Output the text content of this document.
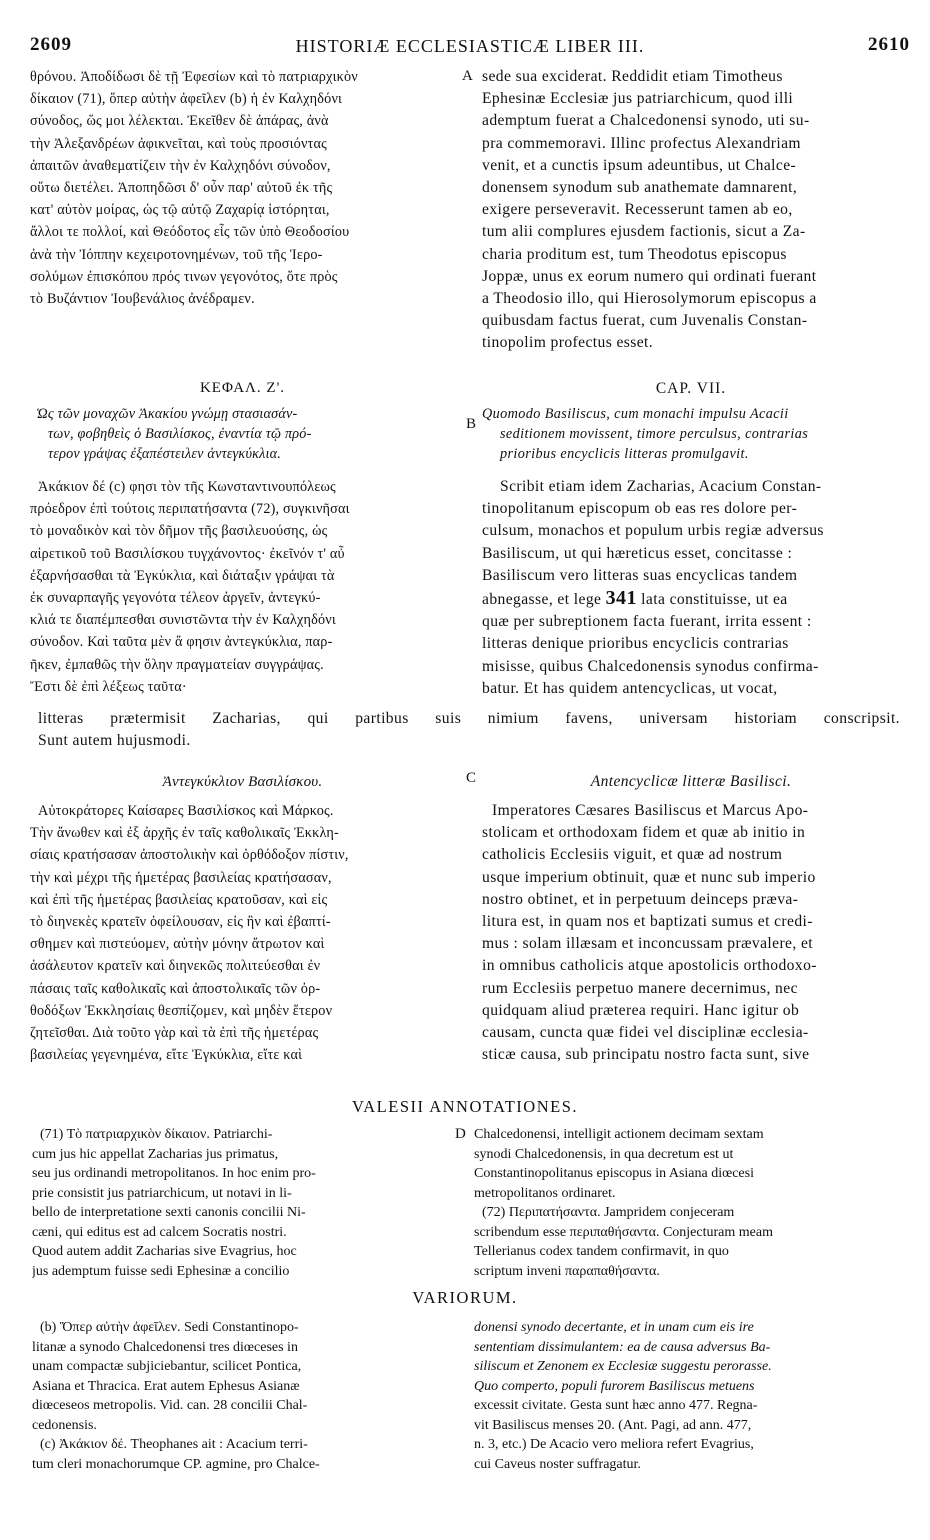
2609	HISTORIÆ ECCLESIASTICÆ LIBER III.	2610
A
B
C
D
θρόνου. Ἀποδίδωσι δὲ τῇ Ἐφεσίων καὶ τὸ πατριαρχικὸν
δίκαιον (71), ὅπερ αὐτὴν ἀφεῖλεν (b) ἡ ἐν Καλχηδόνι
σύνοδος, ὥς μοι λέλεκται. Ἐκεῖθεν δὲ ἀπάρας, ἀνὰ
τὴν Ἀλεξανδρέων ἀφικνεῖται, καὶ τοὺς προσιόντας
ἀπαιτῶν ἀναθεματίζειν τὴν ἐν Καλχηδόνι σύνοδον,
οὕτω διετέλει. Ἀποπηδῶσι δ' οὖν παρ' αὐτοῦ ἐκ τῆς
κατ' αὐτὸν μοίρας, ὡς τῷ αὐτῷ Ζαχαρίᾳ ἱστόρηται,
ἄλλοι τε πολλοί, καὶ Θεόδοτος εἷς τῶν ὑπὸ Θεοδοσίου
ἀνὰ τὴν Ἰόππην κεχειροτονημένων, τοῦ τῆς Ἱερο-
σολύμων ἐπισκόπου πρός τινων γεγονότος, ὅτε πρὸς
τὸ Βυζάντιον Ἰουβενάλιος ἀνέδραμεν.
sede sua exciderat. Reddidit etiam Timotheus
Ephesinæ Ecclesiæ jus patriarchicum, quod illi
ademptum fuerat a Chalcedonensi synodo, uti su-
pra commemoravi. Illinc profectus Alexandriam
venit, et a cunctis ipsum adeuntibus, ut Chalce-
donensem synodum sub anathemate damnarent,
exigere perseveravit. Recesserunt tamen ab eo,
tum alii complures ejusdem factionis, sicut a Za-
charia proditum est, tum Theodotus episcopus
Joppæ, unus ex eorum numero qui ordinati fuerant
a Theodosio illo, qui Hierosolymorum episcopus a
quibusdam factus fuerat, cum Juvenalis Constan-
tinopolim profectus esset.
ΚΕΦΑΛ. Ζ'.	CAP. VII.
Ὡς τῶν μοναχῶν Ἀκακίου γνώμῃ στασιασάν-
των, φοβηθεὶς ὁ Βασιλίσκος, ἐναντία τῷ πρό-
τερον γράψας ἐξαπέστειλεν ἀντεγκύκλια.
Quomodo Basiliscus, cum monachi impulsu Acacii
seditionem movissent, timore perculsus, contrarias
prioribus encyclicis litteras promulgavit.
Ἀκάκιον δέ (c) φησι τὸν τῆς Κωνσταντινουπόλεως
πρόεδρον ἐπὶ τούτοις περιπατήσαντα (72), συγκινῆσαι
τὸ μοναδικὸν καὶ τὸν δῆμον τῆς βασιλευούσης, ὡς
αἱρετικοῦ τοῦ Βασιλίσκου τυγχάνοντος· ἐκεῖνόν τ' αὖ
ἐξαρνήσασθαι τὰ Ἐγκύκλια, καὶ διάταξιν γράψαι τὰ
ἐκ συναρπαγῆς γεγονότα τέλεον ἀργεῖν, ἀντεγκύ-
κλιά τε διαπέμπεσθαι συνιστῶντα τὴν ἐν Καλχηδόνι
σύνοδον. Καὶ ταῦτα μὲν ἅ φησιν ἀντεγκύκλια, παρ-
ῆκεν, ἐμπαθῶς τὴν ὅλην πραγματείαν συγγράψας.
Ἔστι δὲ ἐπὶ λέξεως ταῦτα·
Scribit etiam idem Zacharias, Acacium Constan-
tinopolitanum episcopum ob eas res dolore per-
culsum, monachos et populum urbis regiæ adversus
Basiliscum, ut qui hæreticus esset, concitasse :
Basiliscum vero litteras suas encyclicas tandem
abnegasse, et lege 341 lata constituisse, ut ea
quæ per subreptionem facta fuerant, irrita essent :
litteras denique prioribus encyclicis contrarias
misisse, quibus Chalcedonensis synodus confirma-
batur. Et has quidem antencyclicas, ut vocat,
litteras prætermisit Zacharias, qui partibus suis nimium favens, universam historiam conscripsit.
Sunt autem hujusmodi.
Ἀντεγκύκλιον Βασιλίσκου.	Antencyclicæ litteræ Basilisci.
Αὐτοκράτορες Καίσαρες Βασιλίσκος καὶ Μάρκος.
Τὴν ἄνωθεν καὶ ἐξ ἀρχῆς ἐν ταῖς καθολικαῖς Ἐκκλη-
σίαις κρατήσασαν ἀποστολικὴν καὶ ὀρθόδοξον πίστιν,
τὴν καὶ μέχρι τῆς ἡμετέρας βασιλείας κρατήσασαν,
καὶ ἐπὶ τῆς ἡμετέρας βασιλείας κρατοῦσαν, καὶ εἰς
τὸ διηνεκὲς κρατεῖν ὀφείλουσαν, εἰς ἣν καὶ ἐβαπτί-
σθημεν καὶ πιστεύομεν, αὐτὴν μόνην ἄτρωτον καὶ
ἀσάλευτον κρατεῖν καὶ διηνεκῶς πολιτεύεσθαι ἐν
πάσαις ταῖς καθολικαῖς καὶ ἀποστολικαῖς τῶν ὀρ-
θοδόξων Ἐκκλησίαις θεσπίζομεν, καὶ μηδὲν ἕτερον
ζητεῖσθαι. Διὰ τοῦτο γὰρ καὶ τὰ ἐπὶ τῆς ἡμετέρας
βασιλείας γεγενημένα, εἴτε Ἐγκύκλια, εἴτε καὶ
Imperatores Cæsares Basiliscus et Marcus Apo-
stolicam et orthodoxam fidem et quæ ab initio in
catholicis Ecclesiis viguit, et quæ ad nostrum
usque imperium obtinuit, quæ et nunc sub imperio
nostro obtinet, et in perpetuum deinceps præva-
litura est, in quam nos et baptizati sumus et credi-
mus : solam illæsam et inconcussam prævalere, et
in omnibus catholicis atque apostolicis orthodoxo-
rum Ecclesiis perpetuo manere decernimus, nec
quidquam aliud præterea requiri. Hanc igitur ob
causam, cuncta quæ fidei vel disciplinæ ecclesia-
sticæ causa, sub principatu nostro facta sunt, sive
VALESII ANNOTATIONES.
(71) Τὸ πατριαρχικὸν δίκαιον. Patriarchi-
cum jus hic appellat Zacharias jus primatus,
seu jus ordinandi metropolitanos. In hoc enim pro-
prie consistit jus patriarchicum, ut notavi in li-
bello de interpretatione sexti canonis concilii Ni-
cæni, qui editus est ad calcem Socratis nostri.
Quod autem addit Zacharias sive Evagrius, hoc
jus ademptum fuisse sedi Ephesinæ a concilio
Chalcedonensi, intelligit actionem decimam sextam
synodi Chalcedonensis, in qua decretum est ut
Constantinopolitanus episcopus in Asiana diœcesi
metropolitanos ordinaret.
(72) Περιπατήσαντα. Jampridem conjeceram
scribendum esse περιπαθήσαντα. Conjecturam meam
Tellerianus codex tandem confirmavit, in quo
scriptum inveni παραπαθήσαντα.
VARIORUM.
(b) Ὅπερ αὐτὴν ἀφεῖλεν. Sedi Constantinopo-
litanæ a synodo Chalcedonensi tres diœceses in
unam compactæ subjiciebantur, scilicet Pontica,
Asiana et Thracica. Erat autem Ephesus Asianæ
diœceseos metropolis. Vid. can. 28 concilii Chal-
cedonensis.
(c) Ἀκάκιον δέ. Theophanes ait : Acacium terri-
tum cleri monachorumque CP. agmine, pro Chalce-
donensi synodo decertante, et in unam cum eis ire
sententiam dissimulantem: ea de causa adversus Ba-
siliscum et Zenonem ex Ecclesiæ suggestu perorasse.
Quo comperto, populi furorem Basiliscus metuens
excessit civitate. Gesta sunt hæc anno 477. Regna-
vit Basiliscus menses 20. (Ant. Pagi, ad ann. 477,
n. 3, etc.) De Acacio vero meliora refert Evagrius,
cui Caveus noster suffragatur.
